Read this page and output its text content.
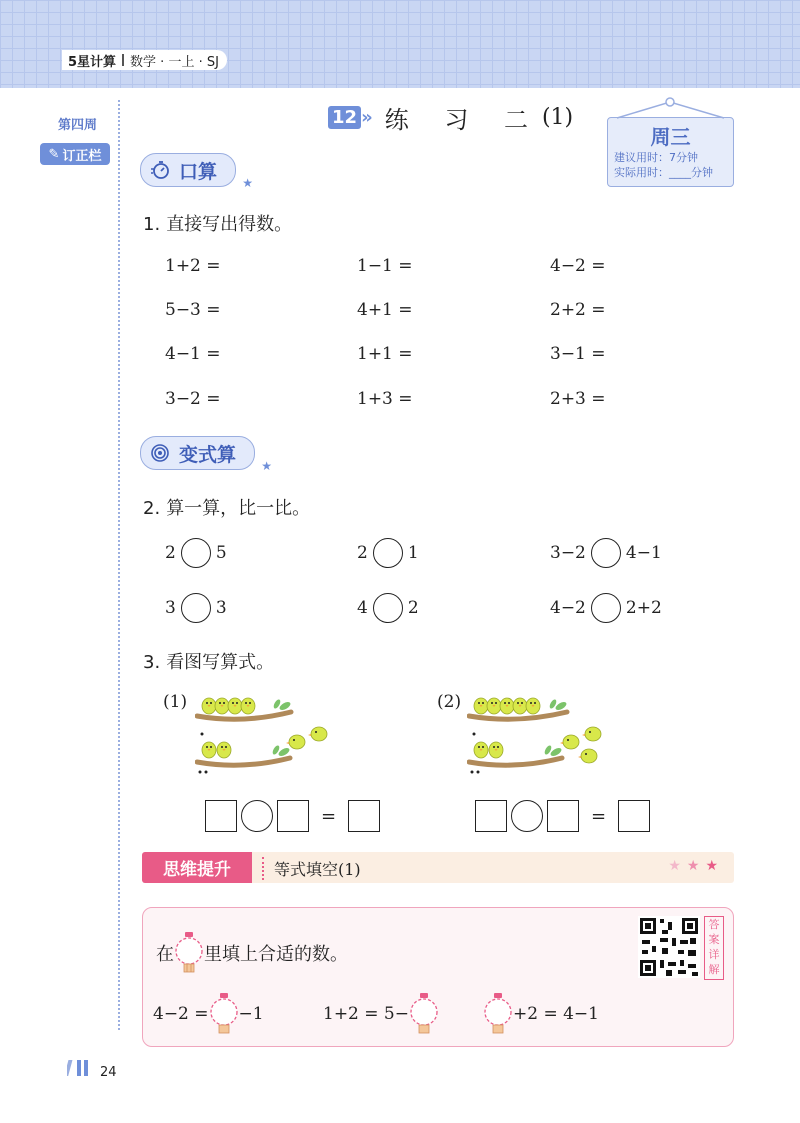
5星计算 数学 · 一上 · SJ
第四周
✎ 订正栏
12 » 练 习 二 (1)
周三
建议用时：7分钟
实际用时：____分钟
口算
★
1. 直接写出得数。
1+2 =	1−1 =	4−2 =
5−3 =	4+1 =	2+2 =
4−1 =	1+1 =	3−1 =
3−2 =	1+3 =	2+3 =
变式算
★
2. 算一算，比一比。
2 5	2 1	3−2 4−1
3 3	4 2	4−2 2+2
3. 看图写算式。
(1)	(2)
=	=
思维提升	等式填空(1)	★★★
在 里填上合适的数。
答案详解
4−2 = −1	1+2 = 5−	+2 = 4−1
24
